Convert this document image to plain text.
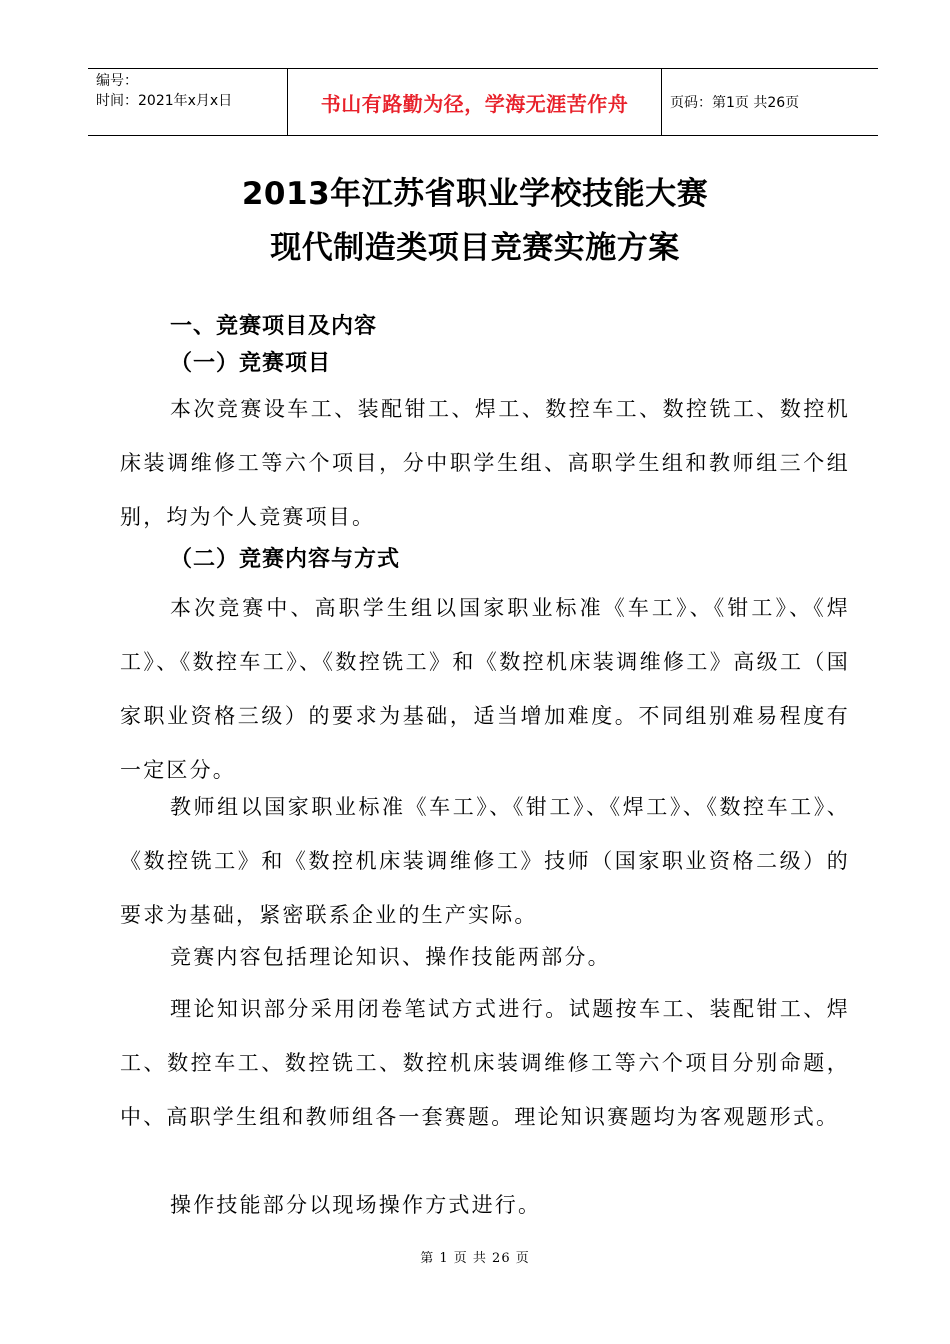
编号：
时间：2021年x月x日	书山有路勤为径，学海无涯苦作舟	页码：第1页 共26页
2013年江苏省职业学校技能大赛
现代制造类项目竞赛实施方案
一、竞赛项目及内容
（一）竞赛项目
本次竞赛设车工、装配钳工、焊工、数控车工、数控铣工、数控机床装调维修工等六个项目，分中职学生组、高职学生组和教师组三个组别，均为个人竞赛项目。
（二）竞赛内容与方式
本次竞赛中、高职学生组以国家职业标准《车工》、《钳工》、《焊工》、《数控车工》、《数控铣工》和《数控机床装调维修工》高级工（国家职业资格三级）的要求为基础，适当增加难度。不同组别难易程度有一定区分。
教师组以国家职业标准《车工》、《钳工》、《焊工》、《数控车工》、《数控铣工》和《数控机床装调维修工》技师（国家职业资格二级）的要求为基础，紧密联系企业的生产实际。
竞赛内容包括理论知识、操作技能两部分。
理论知识部分采用闭卷笔试方式进行。试题按车工、装配钳工、焊工、数控车工、数控铣工、数控机床装调维修工等六个项目分别命题，中、高职学生组和教师组各一套赛题。理论知识赛题均为客观题形式。
操作技能部分以现场操作方式进行。
第 1 页 共 26 页
